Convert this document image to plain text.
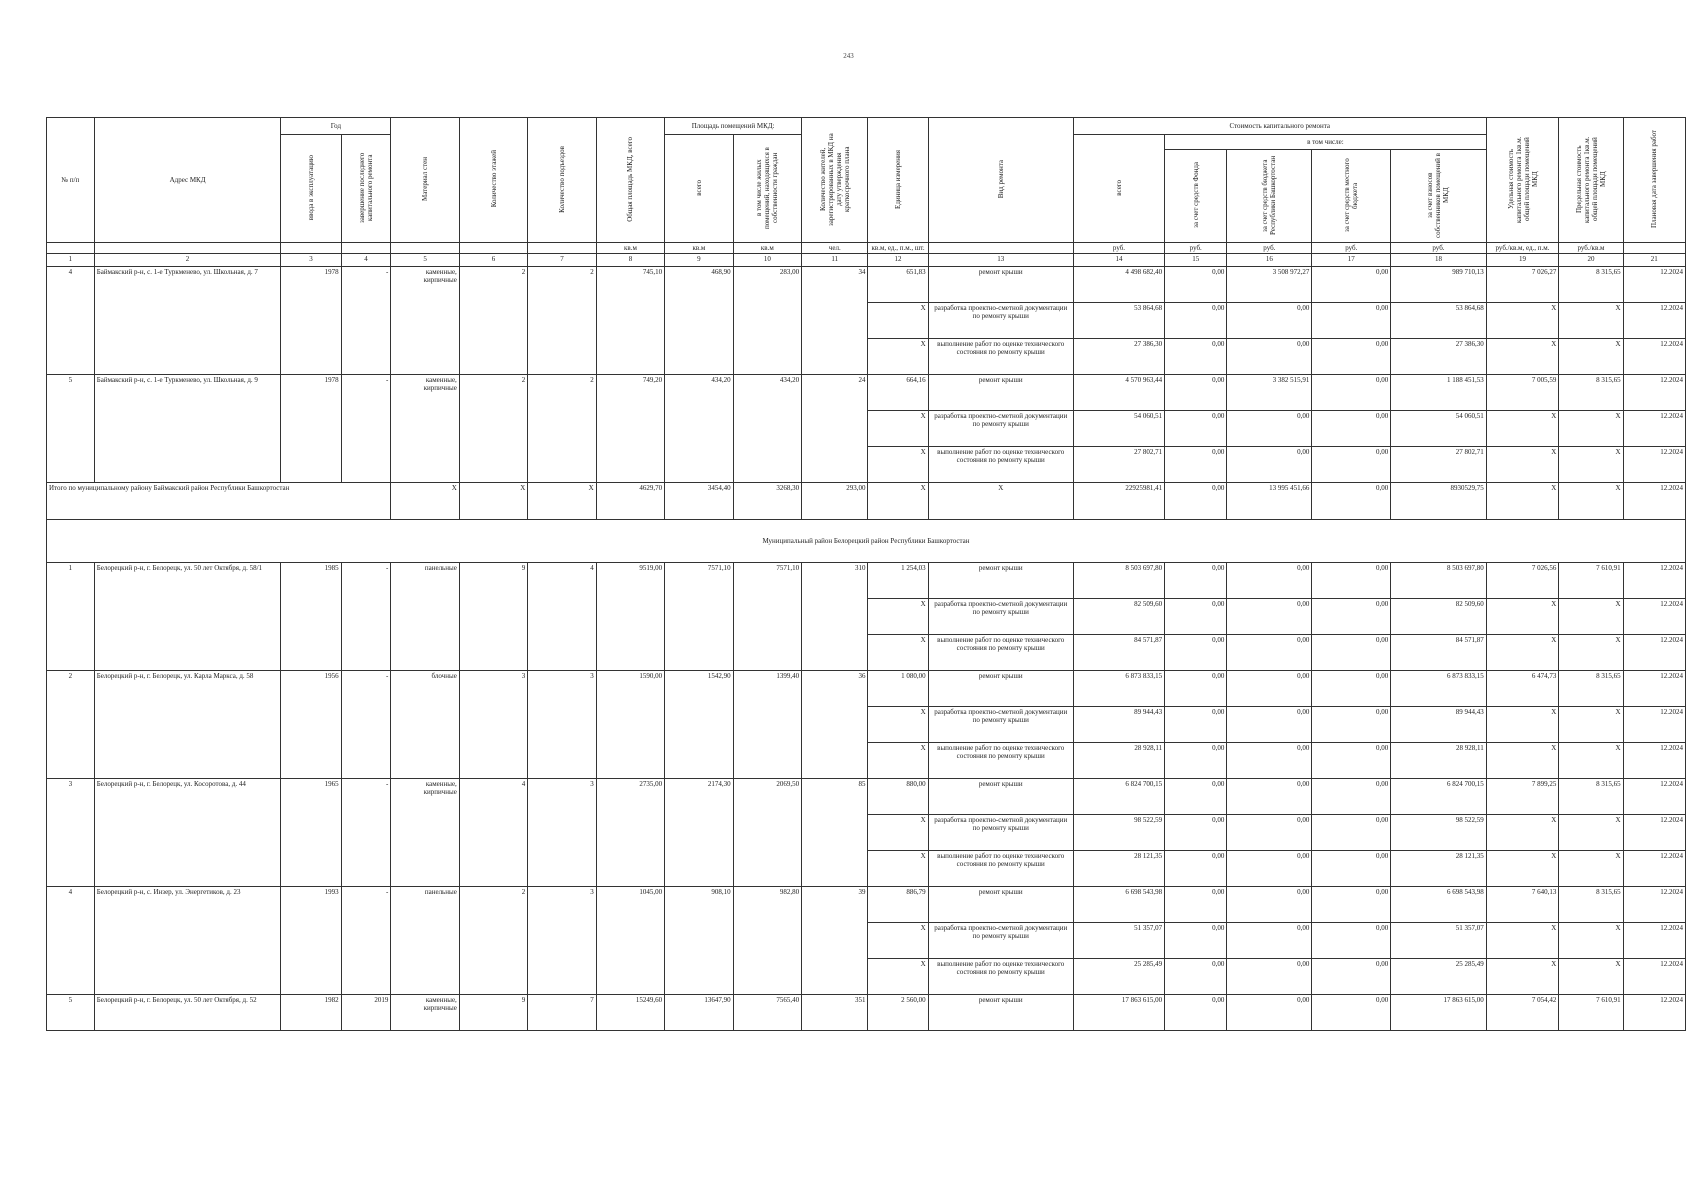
243
№ п/п	Адрес МКД	Год		Материал стен	Количество этажей	Количество подъездов	Общая площадь МКД, всего	Площадь помещений МКД:		Количество жителей, зарегистрированных в МКД на дату утверждения краткосрочного плана	Единица измерения	Вид ремонта	Стоимость капитального ремонта					Удельная стоимость капитального ремонта 1кв.м. общей площади помещений МКД	Предельная стоимость капитального ремонта 1кв.м. общей площади помещений МКД	Плановая дата завершения работ
		ввода в эксплуатацию	завершение последнего капитального ремонта					всего	в том числе жилых помещений, находящихся в собственности граждан				всего	в том числе:						
														за счет средств Фонда	за счет средств бюджета Республики Башкортостан	за счет средств местного бюджета	за счет взносов собственников помещений в МКД			
							кв.м	кв.м	кв.м	чел.	кв.м, ед., п.м., шт.		руб.	руб.	руб.	руб.	руб.	руб./кв.м, ед., п.м.	руб./кв.м	
1	2	3	4	5	6	7	8	9	10	11	12	13	14	15	16	17	18	19	20	21
4	Баймакский р-н, с. 1-е Туркменево, ул. Школьная, д. 7	1978	-	каменные, кирпичные	2	2	745,10	468,90	283,00	34	651,83	ремонт крыши	4 498 682,40	0,00	3 508 972,27	0,00	989 710,13	7 026,27	8 315,65	12.2024
											X	разработка проектно-сметной документации по ремонту крыши	53 864,68	0,00	0,00	0,00	53 864,68	X	X	12.2024
											X	выполнение работ по оценке технического состояния по ремонту крыши	27 386,30	0,00	0,00	0,00	27 386,30	X	X	12.2024
5	Баймакский р-н, с. 1-е Туркменево, ул. Школьная, д. 9	1978	-	каменные, кирпичные	2	2	749,20	434,20	434,20	24	664,16	ремонт крыши	4 570 963,44	0,00	3 382 515,91	0,00	1 188 451,53	7 005,59	8 315,65	12.2024
											X	разработка проектно-сметной документации по ремонту крыши	54 060,51	0,00	0,00	0,00	54 060,51	X	X	12.2024
											X	выполнение работ по оценке технического состояния по ремонту крыши	27 802,71	0,00	0,00	0,00	27 802,71	X	X	12.2024
Итого по муниципальному району Баймакский район Республики Башкортостан				X	X	X	4629,70	3454,40	3268,30	293,00	X	X	22925981,41	0,00	13 995 451,66	0,00	8930529,75	X	X	12.2024
Муниципальный район Белорецкий район Республики Башкортостан																				
1	Белорецкий р-н, г. Белорецк, ул. 50 лет Октября, д. 58/1	1985	-	панельные	9	4	9519,00	7571,10	7571,10	310	1 254,03	ремонт крыши	8 503 697,80	0,00	0,00	0,00	8 503 697,80	7 026,56	7 610,91	12.2024
											X	разработка проектно-сметной документации по ремонту крыши	82 509,60	0,00	0,00	0,00	82 509,60	X	X	12.2024
											X	выполнение работ по оценке технического состояния по ремонту крыши	84 571,87	0,00	0,00	0,00	84 571,87	X	X	12.2024
2	Белорецкий р-н, г. Белорецк, ул. Карла Маркса, д. 58	1956	-	блочные	3	3	1590,00	1542,90	1399,40	36	1 080,00	ремонт крыши	6 873 833,15	0,00	0,00	0,00	6 873 833,15	6 474,73	8 315,65	12.2024
											X	разработка проектно-сметной документации по ремонту крыши	89 944,43	0,00	0,00	0,00	89 944,43	X	X	12.2024
											X	выполнение работ по оценке технического состояния по ремонту крыши	28 928,11	0,00	0,00	0,00	28 928,11	X	X	12.2024
3	Белорецкий р-н, г. Белорецк, ул. Косоротова, д. 44	1965	-	каменные, кирпичные	4	3	2735,00	2174,30	2069,50	85	880,00	ремонт крыши	6 824 700,15	0,00	0,00	0,00	6 824 700,15	7 899,25	8 315,65	12.2024
											X	разработка проектно-сметной документации по ремонту крыши	98 522,59	0,00	0,00	0,00	98 522,59	X	X	12.2024
											X	выполнение работ по оценке технического состояния по ремонту крыши	28 121,35	0,00	0,00	0,00	28 121,35	X	X	12.2024
4	Белорецкий р-н, с. Инзер, ул. Энергетиков, д. 23	1993	-	панельные	2	3	1045,00	908,10	982,80	39	886,79	ремонт крыши	6 698 543,98	0,00	0,00	0,00	6 698 543,98	7 640,13	8 315,65	12.2024
											X	разработка проектно-сметной документации по ремонту крыши	51 357,07	0,00	0,00	0,00	51 357,07	X	X	12.2024
											X	выполнение работ по оценке технического состояния по ремонту крыши	25 285,49	0,00	0,00	0,00	25 285,49	X	X	12.2024
5	Белорецкий р-н, г. Белорецк, ул. 50 лет Октября, д. 52	1982	2019	каменные, кирпичные	9	7	15249,60	13647,90	7565,40	351	2 560,00	ремонт крыши	17 863 615,00	0,00	0,00	0,00	17 863 615,00	7 054,42	7 610,91	12.2024
